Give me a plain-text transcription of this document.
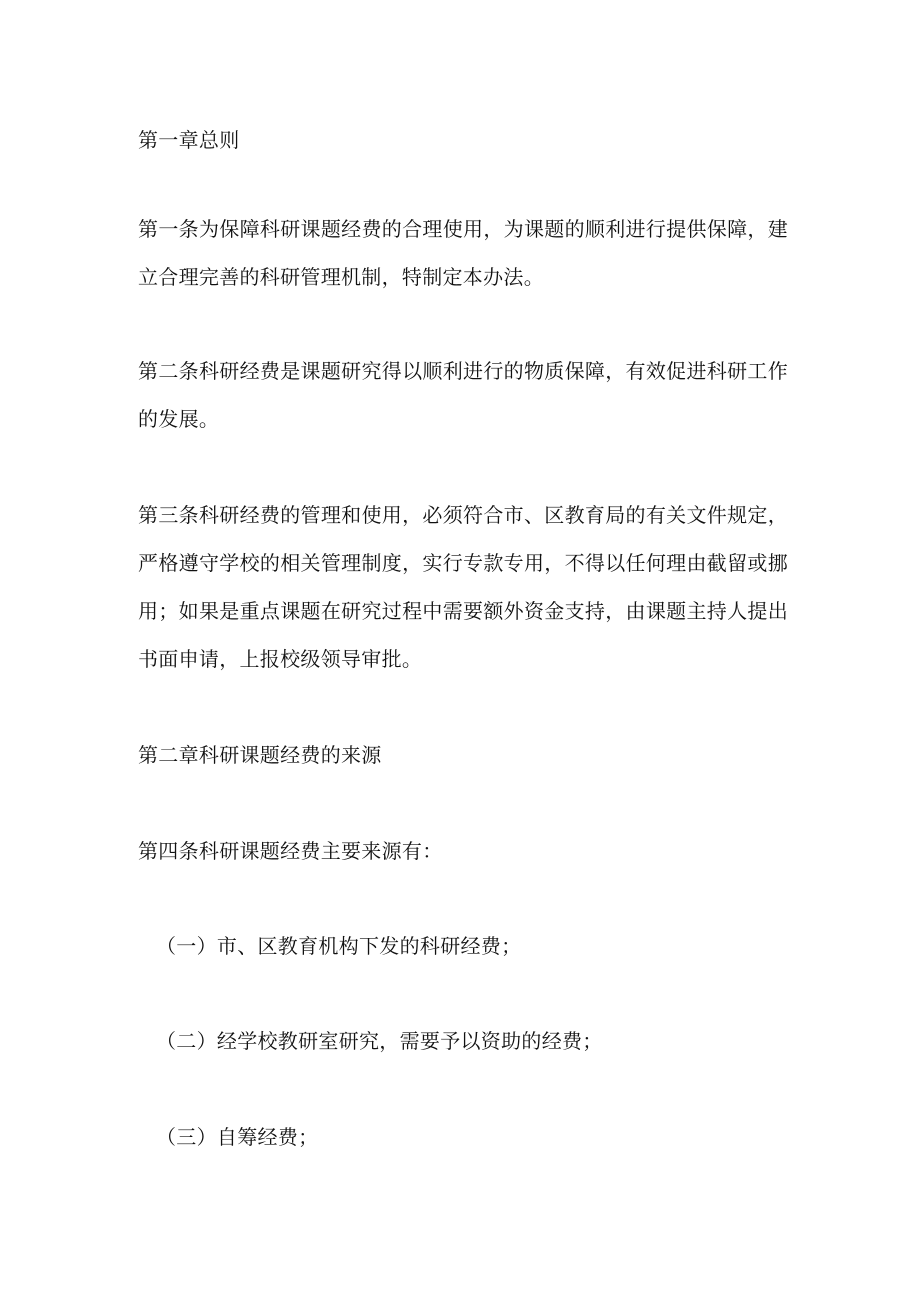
第一章总则

第一条为保障科研课题经费的合理使用，为课题的顺利进行提供保障，建立合理完善的科研管理机制，特制定本办法。

第二条科研经费是课题研究得以顺利进行的物质保障，有效促进科研工作的发展。

第三条科研经费的管理和使用，必须符合市、区教育局的有关文件规定，严格遵守学校的相关管理制度，实行专款专用，不得以任何理由截留或挪用；如果是重点课题在研究过程中需要额外资金支持，由课题主持人提出书面申请，上报校级领导审批。

第二章科研课题经费的来源

第四条科研课题经费主要来源有：

（一）市、区教育机构下发的科研经费；

（二）经学校教研室研究，需要予以资助的经费；

（三）自筹经费；
